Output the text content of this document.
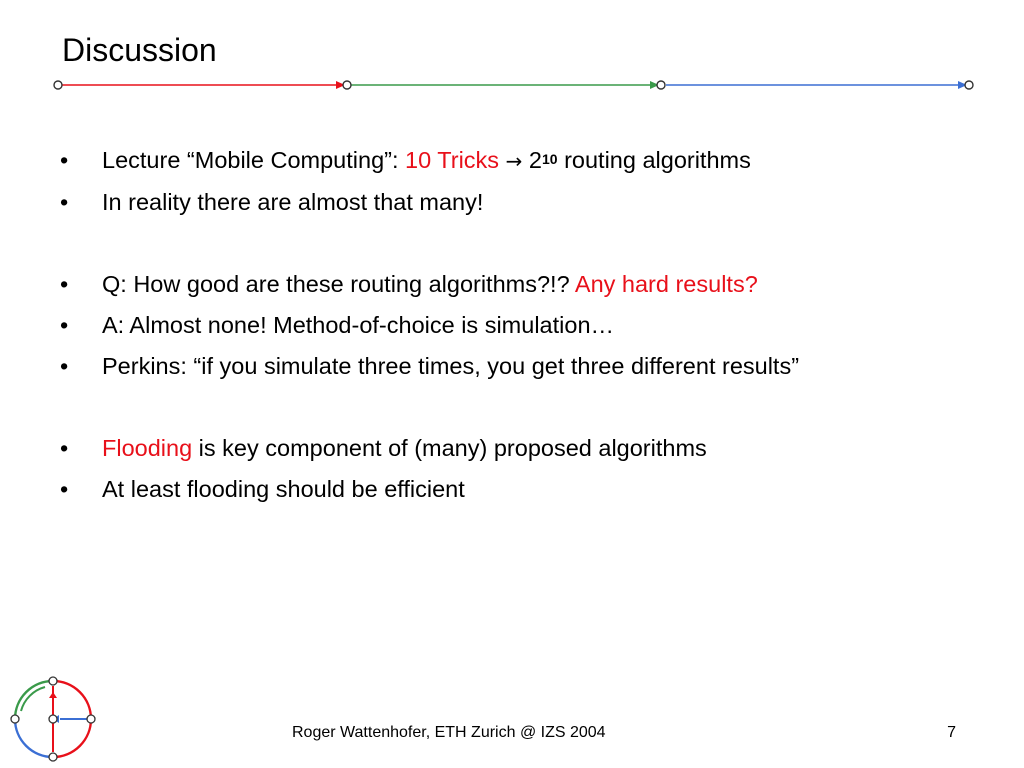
Discussion
• Lecture “Mobile Computing”: 10 Tricks → $2^{10}$ routing algorithms
• In reality there are almost that many!
• Q: How good are these routing algorithms?!? Any hard results?
• A: Almost none! Method-of-choice is simulation…
• Perkins: “if you simulate three times, you get three different results”
• Flooding is key component of (many) proposed algorithms
• At least flooding should be efficient
Roger Wattenhofer, ETH Zurich @ IZS 2004	7
